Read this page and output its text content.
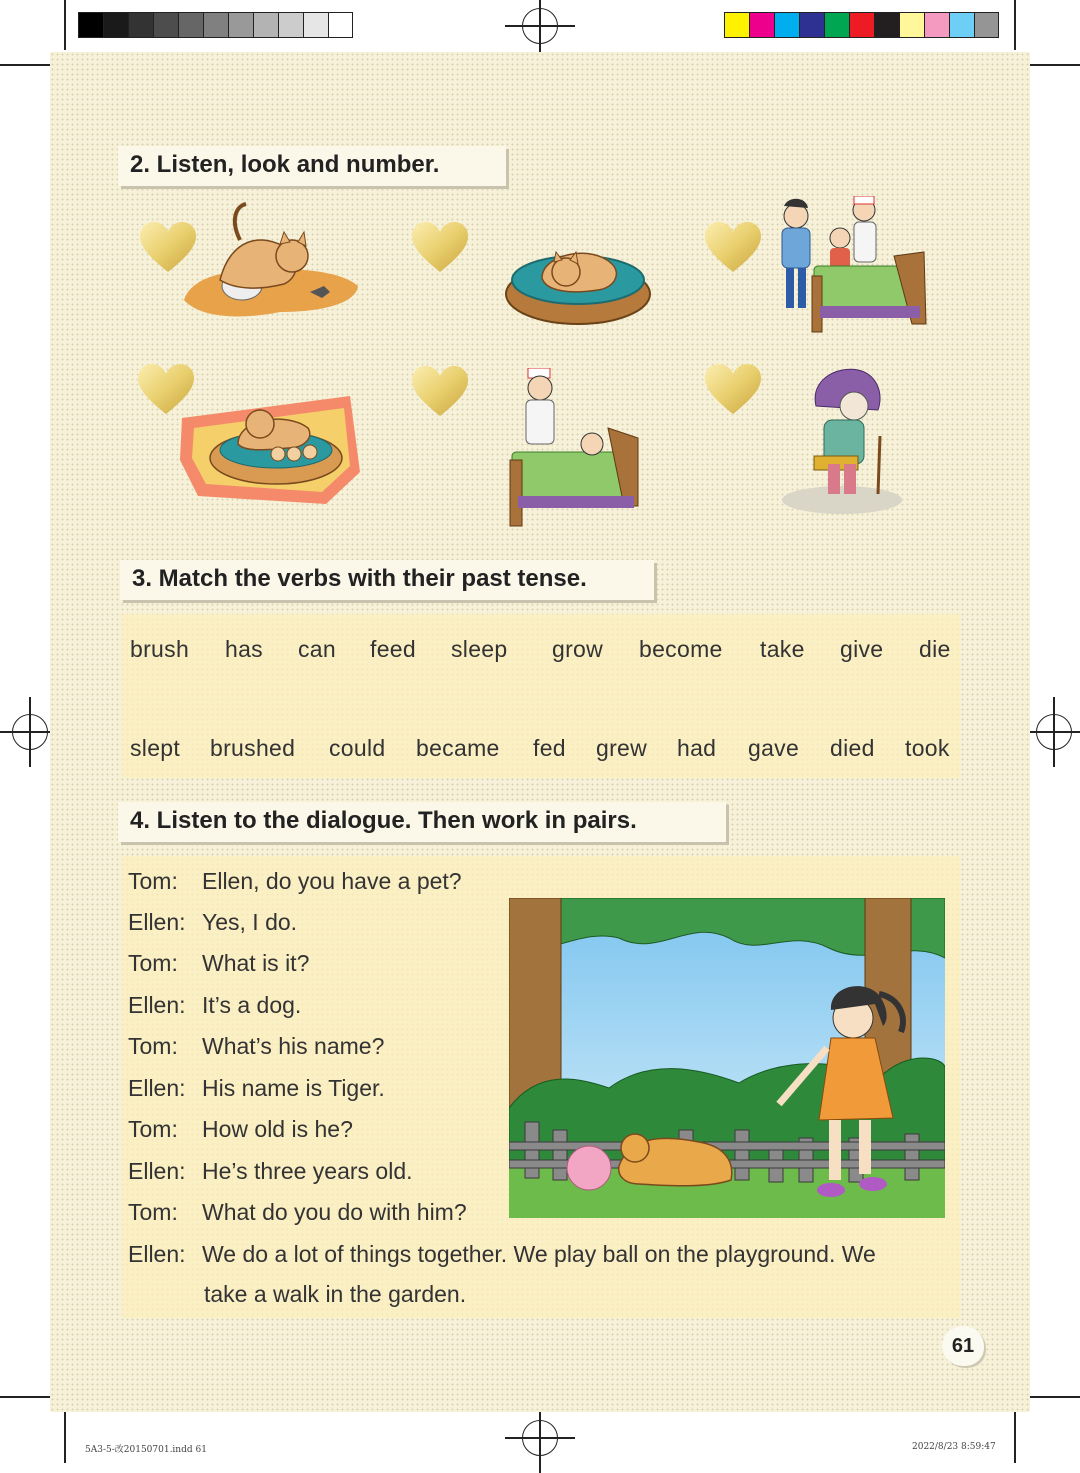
2. Listen, look and number.
3. Match the verbs with their past tense.
brush has can feed sleep grow become take give die
slept brushed could became fed grew had gave died took
4. Listen to the dialogue. Then work in pairs.
Tom: Ellen, do you have a pet?
Ellen: Yes, I do.
Tom: What is it?
Ellen: It’s a dog.
Tom: What’s his name?
Ellen: His name is Tiger.
Tom: How old is he?
Ellen: He’s three years old.
Tom: What do you do with him?
Ellen: We do a lot of things together. We play ball on the playground. We
take a walk in the garden.
61
5A3-5-改20150701.indd 61	2022/8/23 8:59:47
